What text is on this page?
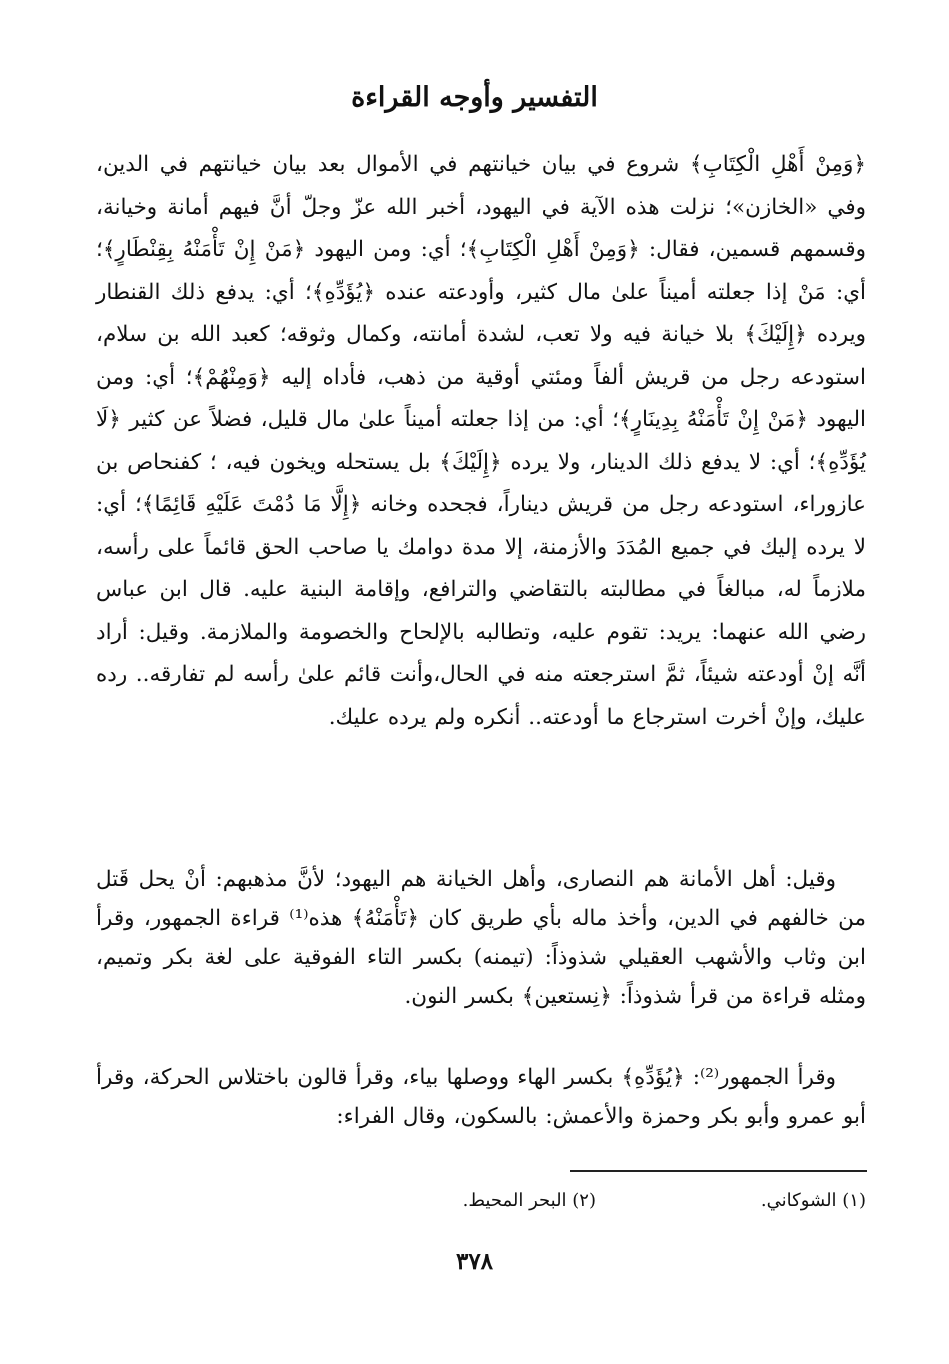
التفسير وأوجه القراءة

﴿وَمِنْ أَهْلِ الْكِتَابِ﴾ شروع في بيان خيانتهم في الأموال بعد بيان خيانتهم في الدين، وفي «الخازن»؛ نزلت هذه الآية في اليهود، أخبر الله عزّ وجلّ أنَّ فيهم أمانة وخيانة، وقسمهم قسمين، فقال: ﴿وَمِنْ أَهْلِ الْكِتَابِ﴾؛ أي: ومن اليهود ﴿مَنْ إِنْ تَأْمَنْهُ بِقِنْطَارٍ﴾؛ أي: مَنْ إذا جعلته أميناً علىٰ مال كثير، وأودعته عنده ﴿يُؤَدِّهِ﴾؛ أي: يدفع ذلك القنطار ويرده ﴿إِلَيْكَ﴾ بلا خيانة فيه ولا تعب، لشدة أمانته، وكمال وثوقه؛ كعبد الله بن سلام، استودعه رجل من قريش ألفاً ومئتي أوقية من ذهب، فأداه إليه ﴿وَمِنْهُمْ﴾؛ أي: ومن اليهود ﴿مَنْ إِنْ تَأْمَنْهُ بِدِينَارٍ﴾؛ أي: من إذا جعلته أميناً علىٰ مال قليل، فضلاً عن كثير ﴿لَا يُؤَدِّهِ﴾؛ أي: لا يدفع ذلك الدينار، ولا يرده ﴿إِلَيْكَ﴾ بل يستحله ويخون فيه، ؛ كفنحاص بن عازوراء، استودعه رجل من قريش ديناراً، فجحده وخانه ﴿إِلَّا مَا دُمْتَ عَلَيْهِ قَائِمًا﴾؛ أي: لا يرده إليك في جميع المُدَدَ والأزمنة، إلا مدة دوامك يا صاحب الحق قائماً على رأسه، ملازماً له، مبالغاً في مطالبته بالتقاضي والترافع، وإقامة البنية عليه. قال ابن عباس رضي الله عنهما: يريد: تقوم عليه، وتطالبه بالإلحاح والخصومة والملازمة. وقيل: أراد أنَّه إنْ أودعته شيئاً، ثمَّ استرجعته منه في الحال،وأنت قائم علىٰ رأسه لم تفارقه.. رده عليك، وإنْ أخرت استرجاع ما أودعته.. أنكره ولم يرده عليك.

وقيل: أهل الأمانة هم النصارى، وأهل الخيانة هم اليهود؛ لأنَّ مذهبهم: أنْ يحل قَتل من خالفهم في الدين، وأخذ ماله بأي طريق كان ﴿تَأْمَنْهُ﴾ هذه⁽¹⁾ قراءة الجمهور، وقرأ ابن وثاب والأشهب العقيلي شذوذاً: (تيمنه) بكسر التاء الفوقية على لغة بكر وتميم، ومثله قراءة من قرأ شذوذاً: ﴿نِستعين﴾ بكسر النون.

وقرأ الجمهور⁽²⁾: ﴿يُؤَدِّهِ﴾ بكسر الهاء ووصلها بياء، وقرأ قالون باختلاس الحركة، وقرأ أبو عمرو وأبو بكر وحمزة والأعمش: بالسكون، وقال الفراء:

(١) الشوكاني.
(٢) البحر المحيط.
٣٧٨
